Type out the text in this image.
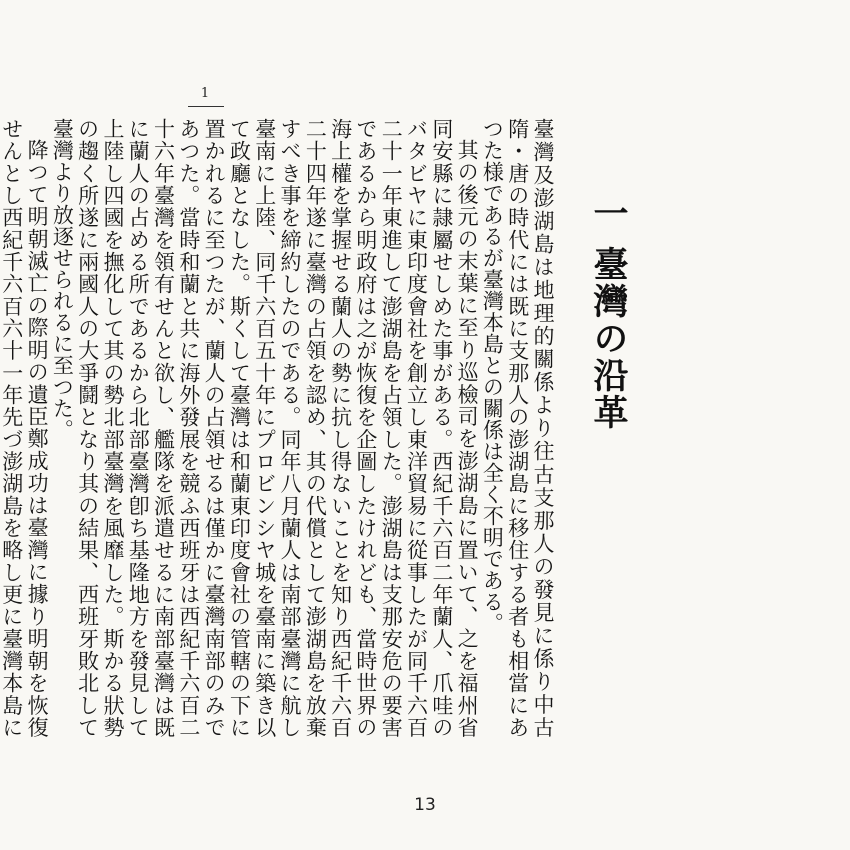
1
一 臺灣の沿革

臺灣及澎湖島は地理的關係より往古支那人の發見に係り中古隋・唐の時代には既に支那人の澎湖島に移住する者も相當にあつた様であるが臺灣本島との關係は全く不明である。

其の後元の末葉に至り巡檢司を澎湖島に置いて、之を福州省同安縣に隷屬せしめた事がある。西紀千六百二年蘭人、爪哇のバタビヤに東印度會社を創立し東洋貿易に從事したが同千六百二十一年東進して澎湖島を占領した。澎湖島は支那安危の要害であるから明政府は之が恢復を企圖したけれども、當時世界の海上權を掌握せる蘭人の勢に抗し得ないことを知り西紀千六百二十四年遂に臺灣の占領を認め、其の代償として澎湖島を放棄すべき事を締約したのである。同年八月蘭人は南部臺灣に航し臺南に上陸、同千六百五十年にプロビンシヤ城を臺南に築き以て政廳となした。斯くして臺灣は和蘭東印度會社の管轄の下に置かれるに至つたが、蘭人の占領せるは僅かに臺灣南部のみであつた。當時和蘭と共に海外發展を競ふ西班牙は西紀千六百二十六年臺灣を領有せんと欲し、艦隊を派遣せるに南部臺灣は既に蘭人の占める所であるから北部臺灣卽ち基隆地方を發見して上陸し四國を撫化して其の勢北部臺灣を風靡した。斯かる狀勢の趨く所遂に兩國人の大爭鬪となり其の結果、西班牙敗北して臺灣より放逐せられるに至つた。

降つて明朝滅亡の際明の遺臣鄭成功は臺灣に據り明朝を恢復せんとし西紀千六百六十一年先づ澎湖島を略し更に臺灣本島に

13
